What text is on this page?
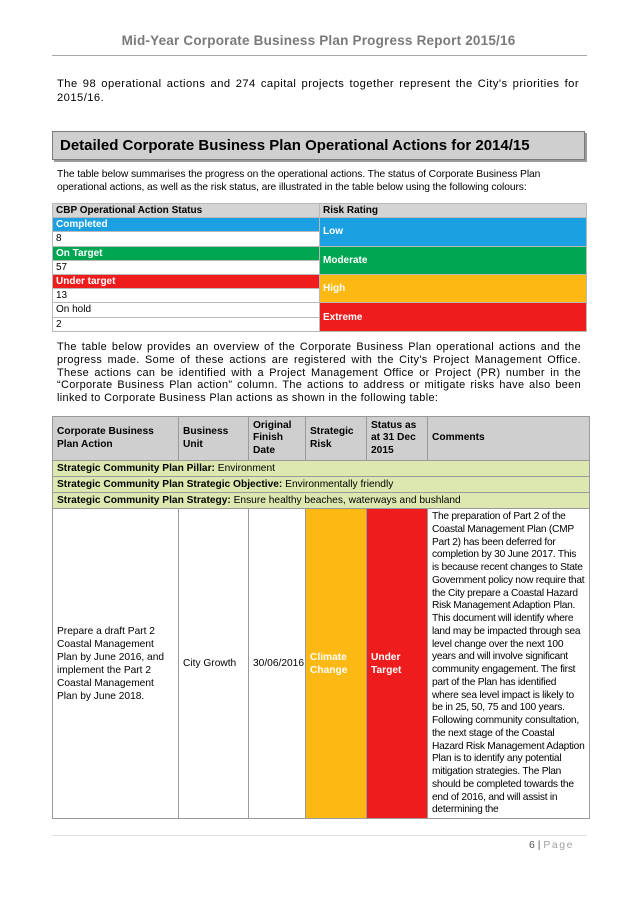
Mid-Year Corporate Business Plan Progress Report 2015/16
The 98 operational actions and 274 capital projects together represent the City's priorities for 2015/16.
Detailed Corporate Business Plan Operational Actions for 2014/15
The table below summarises the progress on the operational actions. The status of Corporate Business Plan operational actions, as well as the risk status, are illustrated in the table below using the following colours:
CBP Operational Action Status	Risk Rating
Completed	Low
8	
On Target	Moderate
57	
Under target	High
13	
On hold	Extreme
2	
The table below provides an overview of the Corporate Business Plan operational actions and the progress made. Some of these actions are registered with the City's Project Management Office. These actions can be identified with a Project Management Office or Project (PR) number in the “Corporate Business Plan action” column. The actions to address or mitigate risks have also been linked to Corporate Business Plan actions as shown in the following table:
Corporate Business Plan Action	Business Unit	Original Finish Date	Strategic Risk	Status as at 31 Dec 2015	Comments
Strategic Community Plan Pillar: Environment					
Strategic Community Plan Strategic Objective: Environmentally friendly					
Strategic Community Plan Strategy: Ensure healthy beaches, waterways and bushland					
Prepare a draft Part 2 Coastal Management Plan by June 2016, and implement the Part 2 Coastal Management Plan by June 2018.	City Growth	30/06/2016	Climate Change	Under Target	The preparation of Part 2 of the Coastal Management Plan (CMP Part 2) has been deferred for completion by 30 June 2017. This is because recent changes to State Government policy now require that the City prepare a Coastal Hazard Risk Management Adaption Plan. This document will identify where land may be impacted through sea level change over the next 100 years and will involve significant community engagement. The first part of the Plan has identified where sea level impact is likely to be in 25, 50, 75 and 100 years. Following community consultation, the next stage of the Coastal Hazard Risk Management Adaption Plan is to identify any potential mitigation strategies. The Plan should be completed towards the end of 2016, and will assist in determining the
6 | Page
